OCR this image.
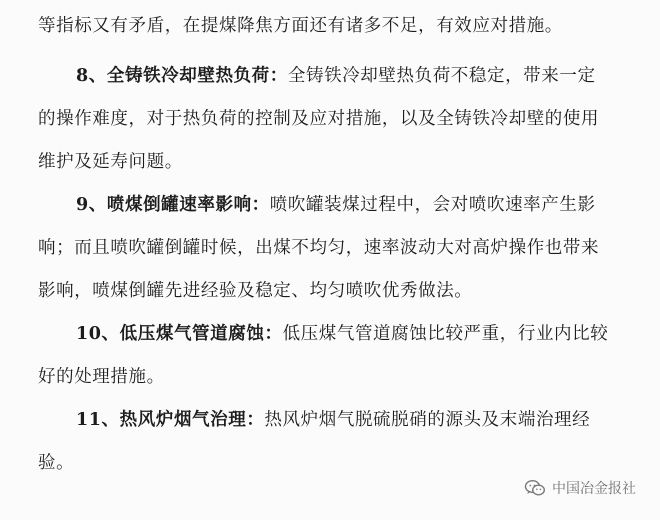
等指标又有矛盾，在提煤降焦方面还有诸多不足，有效应对措施。
8、全铸铁冷却壁热负荷：全铸铁冷却壁热负荷不稳定，带来一定
的操作难度，对于热负荷的控制及应对措施，以及全铸铁冷却壁的使用
维护及延寿问题。
9、喷煤倒罐速率影响：喷吹罐装煤过程中，会对喷吹速率产生影
响；而且喷吹罐倒罐时候，出煤不均匀，速率波动大对高炉操作也带来
影响，喷煤倒罐先进经验及稳定、均匀喷吹优秀做法。
10、低压煤气管道腐蚀：低压煤气管道腐蚀比较严重，行业内比较
好的处理措施。
11、热风炉烟气治理：热风炉烟气脱硫脱硝的源头及末端治理经
验。
中国冶金报社
